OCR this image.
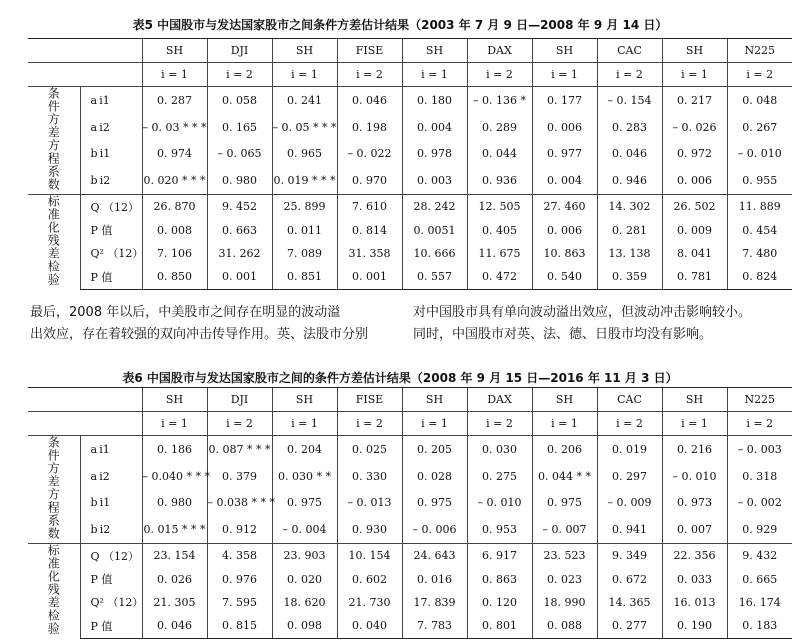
表5 中国股市与发达国家股市之间条件方差估计结果（2003 年 7 月 9 日—2008 年 9 月 14 日）
		SH	DJI	SH	FISE	SH	DAX	SH	CAC	SH	N225
		i = 1	i = 2	i = 1	i = 2	i = 1	i = 2	i = 1	i = 2	i = 1	i = 2
条件方差方程系数	a i1	0. 287	0. 058	0. 241	0. 046	0. 180	– 0. 136 *	0. 177	– 0. 154	0. 217	0. 048
	a i2	– 0. 03 * * *	0. 165	– 0. 05 * * *	0. 198	0. 004	0. 289	0. 006	0. 283	– 0. 026	0. 267
	b i1	0. 974	– 0. 065	0. 965	– 0. 022	0. 978	0. 044	0. 977	0. 046	0. 972	– 0. 010
	b i2	0. 020 * * *	0. 980	0. 019 * * *	0. 970	0. 003	0. 936	0. 004	0. 946	0. 006	0. 955
标准化残差检验	Q （12）	26. 870	9. 452	25. 899	7. 610	28. 242	12. 505	27. 460	14. 302	26. 502	11. 889
	P 值	0. 008	0. 663	0. 011	0. 814	0. 0051	0. 405	0. 006	0. 281	0. 009	0. 454
	Q² （12）	7. 106	31. 262	7. 089	31. 358	10. 666	11. 675	10. 863	13. 138	8. 041	7. 480
	P 值	0. 850	0. 001	0. 851	0. 001	0. 557	0. 472	0. 540	0. 359	0. 781	0. 824
最后，2008 年以后，中美股市之间存在明显的波动溢
出效应，存在着较强的双向冲击传导作用。英、法股市分别
对中国股市具有单向波动溢出效应，但波动冲击影响较小。
同时，中国股市对英、法、德、日股市均没有影响。
表6 中国股市与发达国家股市之间的条件方差估计结果（2008 年 9 月 15 日—2016 年 11 月 3 日）
		SH	DJI	SH	FISE	SH	DAX	SH	CAC	SH	N225
		i = 1	i = 2	i = 1	i = 2	i = 1	i = 2	i = 1	i = 2	i = 1	i = 2
条件方差方程系数	a i1	0. 186	0. 087 * * *	0. 204	0. 025	0. 205	0. 030	0. 206	0. 019	0. 216	– 0. 003
	a i2	– 0.040 * * *	0. 379	0. 030 * *	0. 330	0. 028	0. 275	0. 044 * *	0. 297	– 0. 010	0. 318
	b i1	0. 980	– 0.038 * * *	0. 975	– 0. 013	0. 975	– 0. 010	0. 975	– 0. 009	0. 973	– 0. 002
	b i2	0. 015 * * *	0. 912	– 0. 004	0. 930	– 0. 006	0. 953	– 0. 007	0. 941	0. 007	0. 929
标准化残差检验	Q （12）	23. 154	4. 358	23. 903	10. 154	24. 643	6. 917	23. 523	9. 349	22. 356	9. 432
	P 值	0. 026	0. 976	0. 020	0. 602	0. 016	0. 863	0. 023	0. 672	0. 033	0. 665
	Q² （12）	21. 305	7. 595	18. 620	21. 730	17. 839	0. 120	18. 990	14. 365	16. 013	16. 174
	P 值	0. 046	0. 815	0. 098	0. 040	7. 783	0. 801	0. 088	0. 277	0. 190	0. 183
